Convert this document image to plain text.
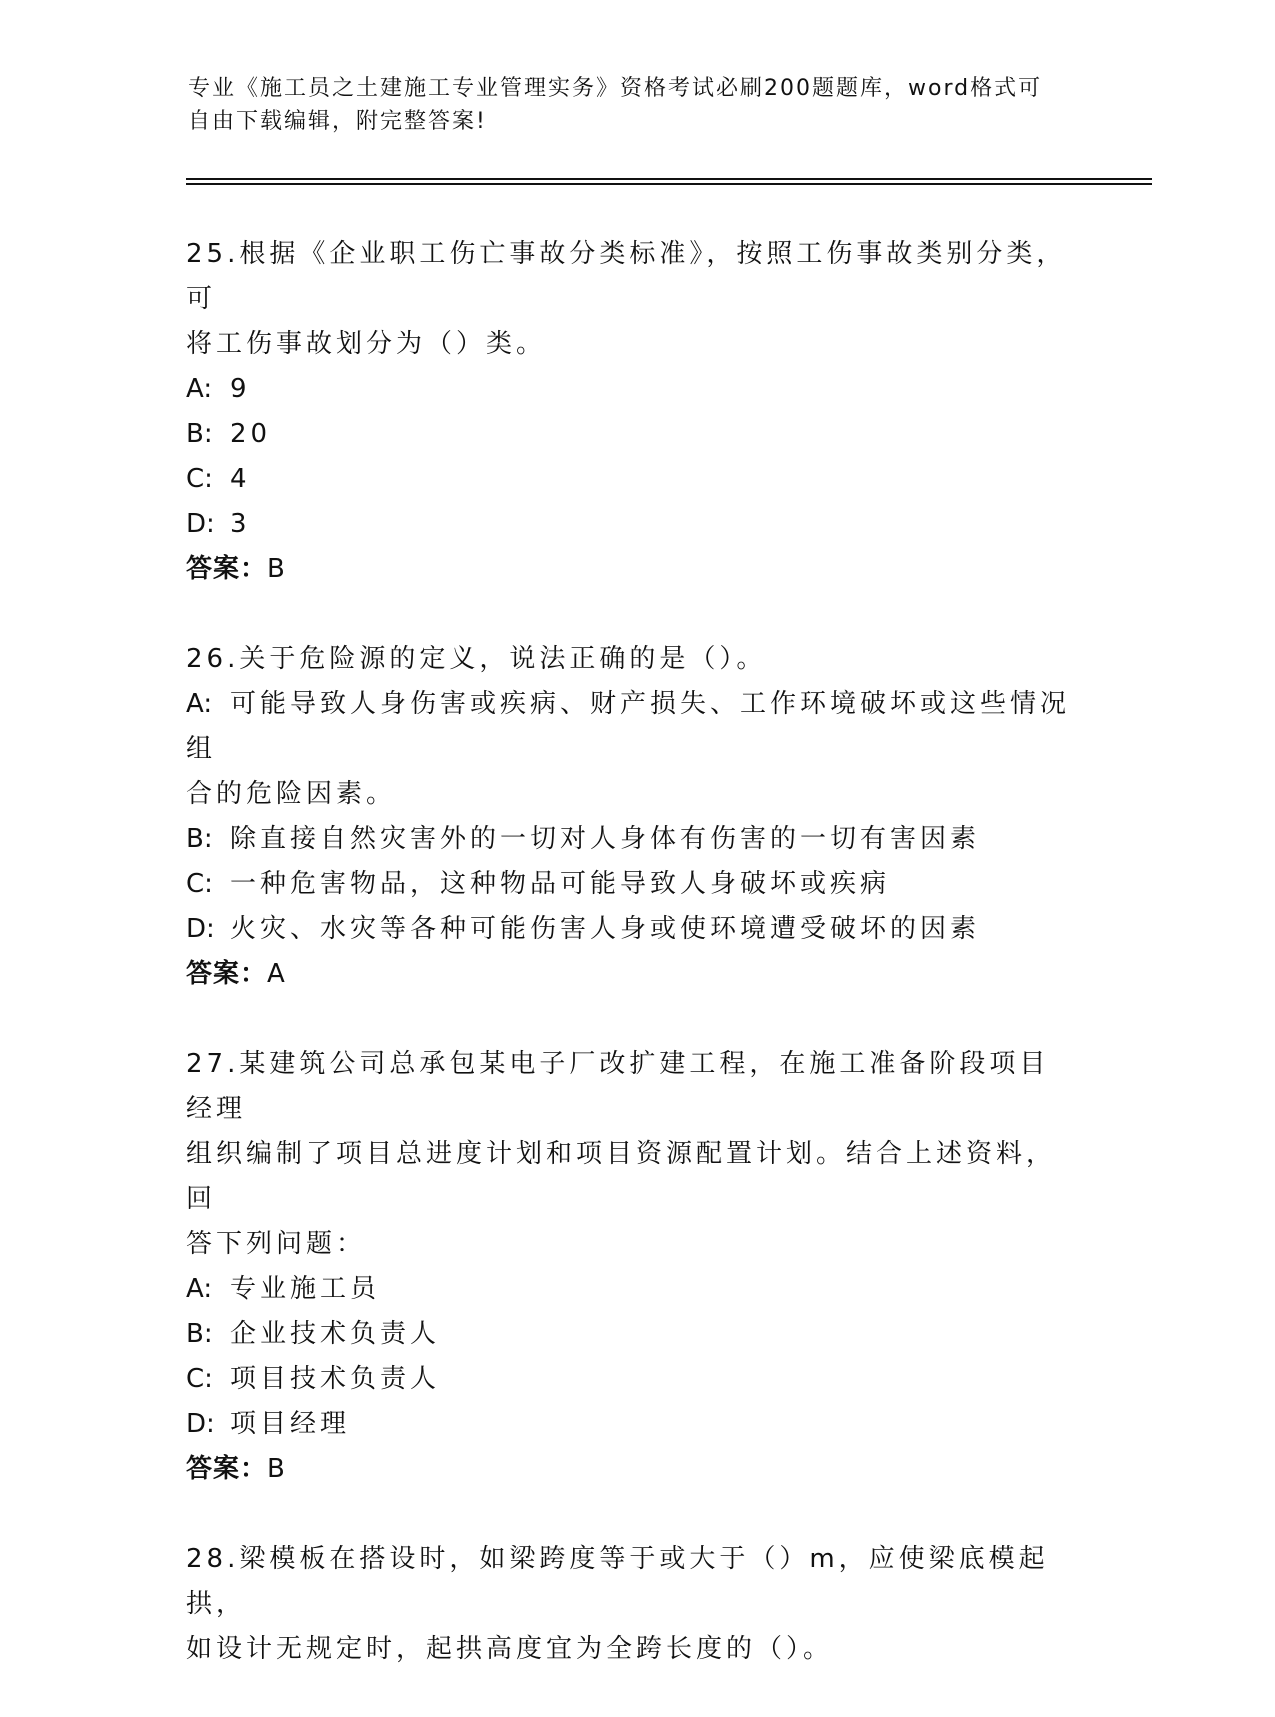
专业《施工员之土建施工专业管理实务》资格考试必刷200题题库，word格式可
自由下载编辑，附完整答案!
25.根据《企业职工伤亡事故分类标准》，按照工伤事故类别分类，可
将工伤事故划分为（）类。
A: 9
B: 20
C: 4
D: 3
答案：B
26.关于危险源的定义，说法正确的是（）。
A: 可能导致人身伤害或疾病、财产损失、工作环境破坏或这些情况组
合的危险因素。
B: 除直接自然灾害外的一切对人身体有伤害的一切有害因素
C: 一种危害物品，这种物品可能导致人身破坏或疾病
D: 火灾、水灾等各种可能伤害人身或使环境遭受破坏的因素
答案：A
27.某建筑公司总承包某电子厂改扩建工程，在施工准备阶段项目经理
组织编制了项目总进度计划和项目资源配置计划。结合上述资料，回
答下列问题：
A: 专业施工员
B: 企业技术负责人
C: 项目技术负责人
D: 项目经理
答案：B
28.梁模板在搭设时，如梁跨度等于或大于（）m，应使梁底模起拱，
如设计无规定时，起拱高度宜为全跨长度的（）。
